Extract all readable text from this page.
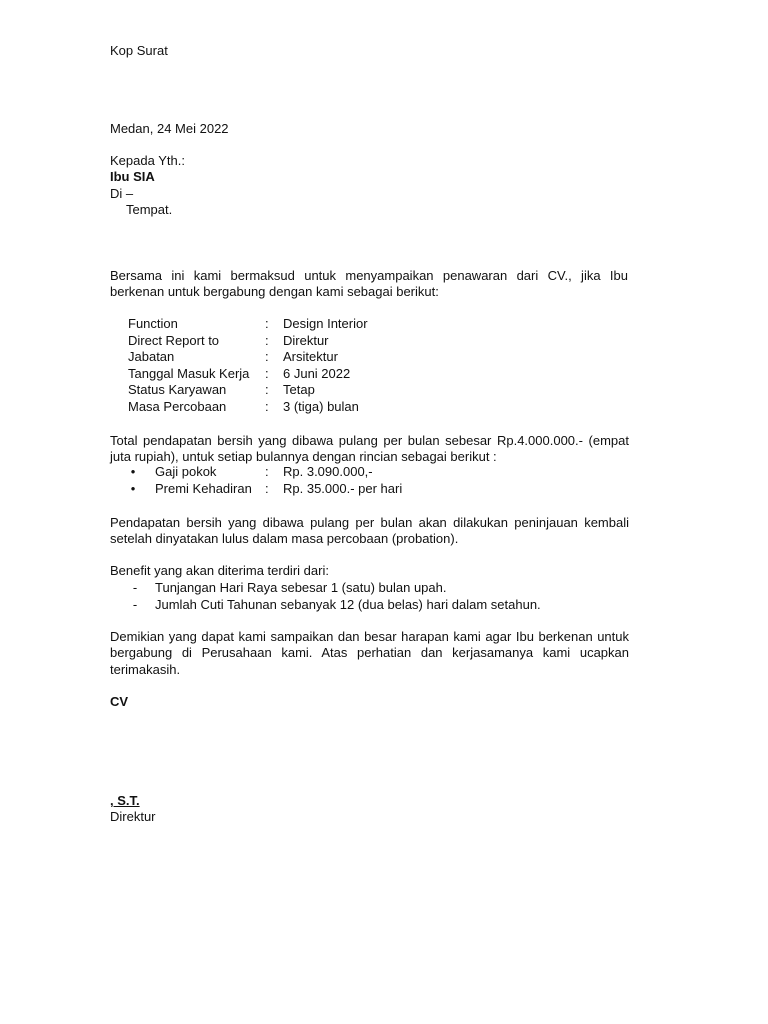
Kop Surat

Medan, 24 Mei 2022

Kepada Yth.:
Ibu SIA
Di –
Tempat.

Bersama ini kami bermaksud untuk menyampaikan penawaran dari CV., jika Ibu berkenan untuk bergabung dengan kami sebagai berikut:

Function	: Design Interior
Direct Report to	: Direktur
Jabatan	: Arsitektur
Tanggal Masuk Kerja : 6 Juni 2022
Status Karyawan	: Tetap
Masa Percobaan	: 3 (tiga) bulan

Total pendapatan bersih yang dibawa pulang per bulan sebesar Rp.4.000.000.- (empat juta rupiah), untuk setiap bulannya dengan rincian sebagai berikut :

• Gaji pokok	: Rp. 3.090.000,-
• Premi Kehadiran : Rp. 35.000.- per hari

Pendapatan bersih yang dibawa pulang per bulan akan dilakukan peninjauan kembali setelah dinyatakan lulus dalam masa percobaan (probation).

Benefit yang akan diterima terdiri dari:

- Tunjangan Hari Raya sebesar 1 (satu) bulan upah.
- Jumlah Cuti Tahunan sebanyak 12 (dua belas) hari dalam setahun.

Demikian yang dapat kami sampaikan dan besar harapan kami agar Ibu berkenan untuk bergabung di Perusahaan kami. Atas perhatian dan kerjasamanya kami ucapkan terimakasih.

CV

, S.T.
Direktur
